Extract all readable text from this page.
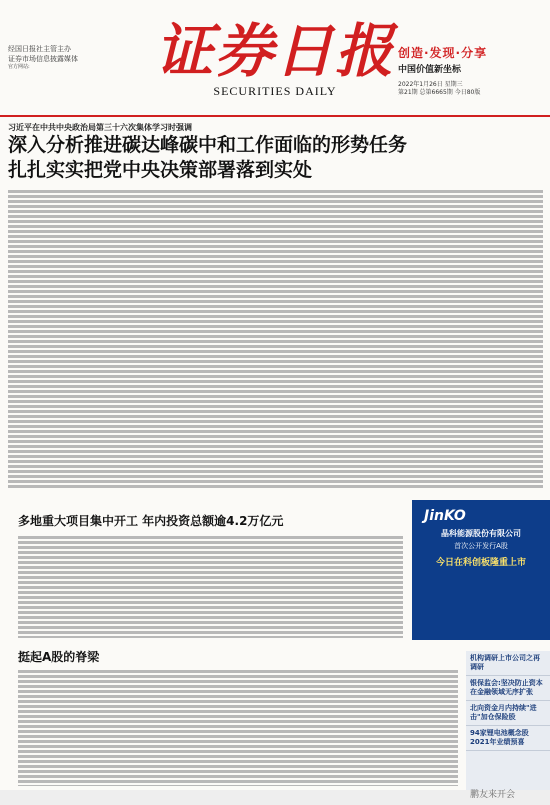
经国日报社主管主办
证券市场信息披露媒体
官方网站:	证券日报
SECURITIES DAILY
创造·发现·分享
中国价值新坐标
2022年1月26日 星期三
第21期 总第6665期 今日80版
习近平在中共中央政治局第三十六次集体学习时强调
深入分析推进碳达峰碳中和工作面临的形势任务
扎扎实实把党中央决策部署落到实处
多地重大项目集中开工 年内投资总额逾4.2万亿元	JinKO
晶科能源股份有限公司
首次公开发行A股
今日在科创板隆重上市
挺起A股的脊梁	机构调研上市公司之再调研
银保监会:坚决防止资本在金融领域无序扩张
北向资金月内持续"进击"加仓保险股
94家锂电池概念股2021年业绩预喜
鹏友来开会
